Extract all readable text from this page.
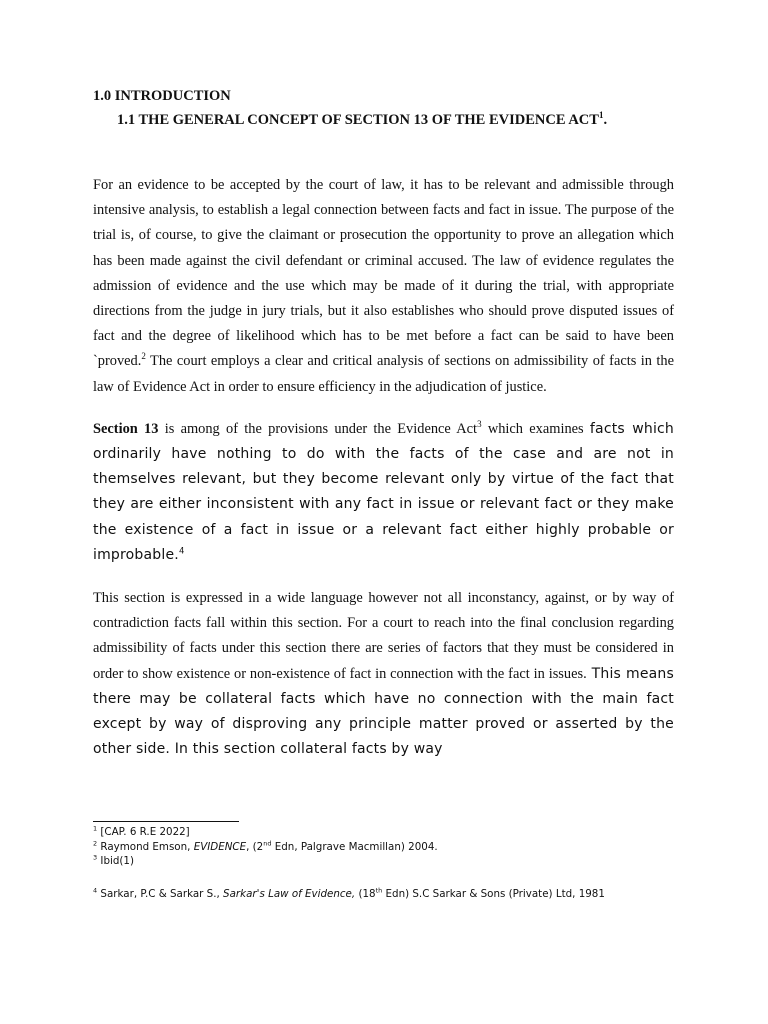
1.0 INTRODUCTION

1.1 THE GENERAL CONCEPT OF SECTION 13 OF THE EVIDENCE ACT$^1$.

For an evidence to be accepted by the court of law, it has to be relevant and admissible through intensive analysis, to establish a legal connection between facts and fact in issue. The purpose of the trial is, of course, to give the claimant or prosecution the opportunity to prove an allegation which has been made against the civil defendant or criminal accused. The law of evidence regulates the admission of evidence and the use which may be made of it during the trial, with appropriate directions from the judge in jury trials, but it also establishes who should prove disputed issues of fact and the degree of likelihood which has to be met before a fact can be said to have been `proved.$^2$ The court employs a clear and critical analysis of sections on admissibility of facts in the law of Evidence Act in order to ensure efficiency in the adjudication of justice.

Section 13 is among of the provisions under the Evidence Act$^3$ which examines facts which ordinarily have nothing to do with the facts of the case and are not in themselves relevant, but they become relevant only by virtue of the fact that they are either inconsistent with any fact in issue or relevant fact or they make the existence of a fact in issue or a relevant fact either highly probable or improbable.$^4$

This section is expressed in a wide language however not all inconstancy, against, or by way of contradiction facts fall within this section. For a court to reach into the final conclusion regarding admissibility of facts under this section there are series of factors that they must be considered in order to show existence or non-existence of fact in connection with the fact in issues. This means there may be collateral facts which have no connection with the main fact except by way of disproving any principle matter proved or asserted by the other side. In this section collateral facts by way

$^1$ [CAP. 6 R.E 2022]
$^2$ Raymond Emson, EVIDENCE, (2nd Edn, Palgrave Macmillan) 2004.
$^3$ Ibid(1)
$^4$ Sarkar, P.C & Sarkar S., Sarkar's Law of Evidence, (18th Edn) S.C Sarkar & Sons (Private) Ltd, 1981
